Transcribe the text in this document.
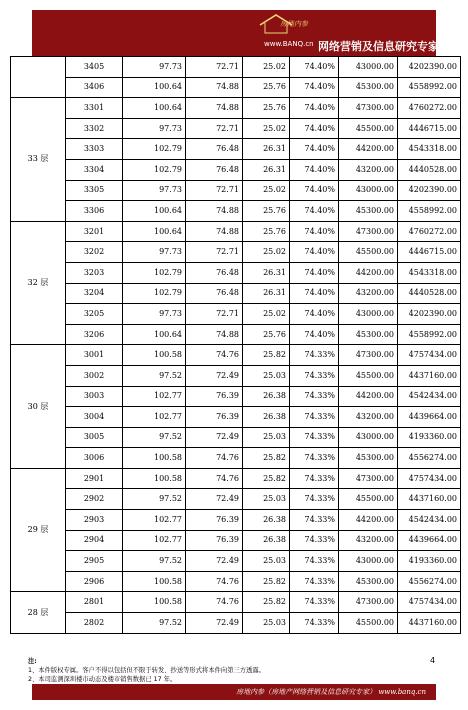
房地内参
www.BANQ.cn 网络营销及信息研究专家
	3405	97.73	72.71	25.02	74.40%	43000.00	4202390.00
	3406	100.64	74.88	25.76	74.40%	45300.00	4558992.00
33 层	3301	100.64	74.88	25.76	74.40%	47300.00	4760272.00
	3302	97.73	72.71	25.02	74.40%	45500.00	4446715.00
	3303	102.79	76.48	26.31	74.40%	44200.00	4543318.00
	3304	102.79	76.48	26.31	74.40%	43200.00	4440528.00
	3305	97.73	72.71	25.02	74.40%	43000.00	4202390.00
	3306	100.64	74.88	25.76	74.40%	45300.00	4558992.00
32 层	3201	100.64	74.88	25.76	74.40%	47300.00	4760272.00
	3202	97.73	72.71	25.02	74.40%	45500.00	4446715.00
	3203	102.79	76.48	26.31	74.40%	44200.00	4543318.00
	3204	102.79	76.48	26.31	74.40%	43200.00	4440528.00
	3205	97.73	72.71	25.02	74.40%	43000.00	4202390.00
	3206	100.64	74.88	25.76	74.40%	45300.00	4558992.00
30 层	3001	100.58	74.76	25.82	74.33%	47300.00	4757434.00
	3002	97.52	72.49	25.03	74.33%	45500.00	4437160.00
	3003	102.77	76.39	26.38	74.33%	44200.00	4542434.00
	3004	102.77	76.39	26.38	74.33%	43200.00	4439664.00
	3005	97.52	72.49	25.03	74.33%	43000.00	4193360.00
	3006	100.58	74.76	25.82	74.33%	45300.00	4556274.00
29 层	2901	100.58	74.76	25.82	74.33%	47300.00	4757434.00
	2902	97.52	72.49	25.03	74.33%	45500.00	4437160.00
	2903	102.77	76.39	26.38	74.33%	44200.00	4542434.00
	2904	102.77	76.39	26.38	74.33%	43200.00	4439664.00
	2905	97.52	72.49	25.03	74.33%	43000.00	4193360.00
	2906	100.58	74.76	25.82	74.33%	45300.00	4556274.00
28 层	2801	100.58	74.76	25.82	74.33%	47300.00	4757434.00
	2802	97.52	72.49	25.03	74.33%	45500.00	4437160.00
注:
1、本件版权专属。客户不得以包括但不限于转发、抄送等形式将本件向第三方透露。
2、本司监测深圳楼市动态及楼市销售数据已 17 年。
4
房地内参（房地产网络营销及信息研究专家） www.banq.cn
